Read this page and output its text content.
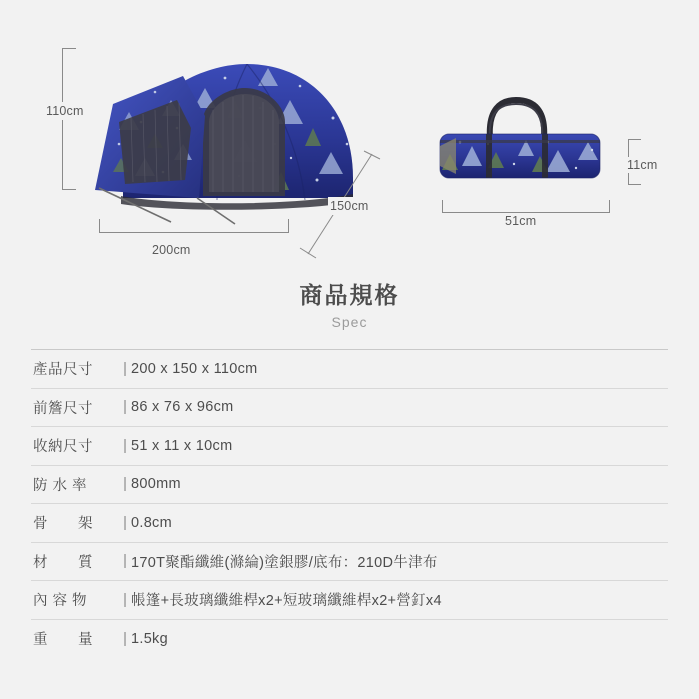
110cm
200cm
150cm
11cm
51cm
商品規格
Spec
產品尺寸	| 200 x 150 x 110cm
前簷尺寸	| 86 x 76 x 96cm
收納尺寸	| 51 x 11 x 10cm
防 水 率	| 800mm
骨　　架	| 0.8cm
材　　質	| 170T聚酯纖維(滌綸)塗銀膠/底布：210D牛津布
內 容 物	| 帳篷+長玻璃纖維桿x2+短玻璃纖維桿x2+營釘x4
重　　量	| 1.5kg
